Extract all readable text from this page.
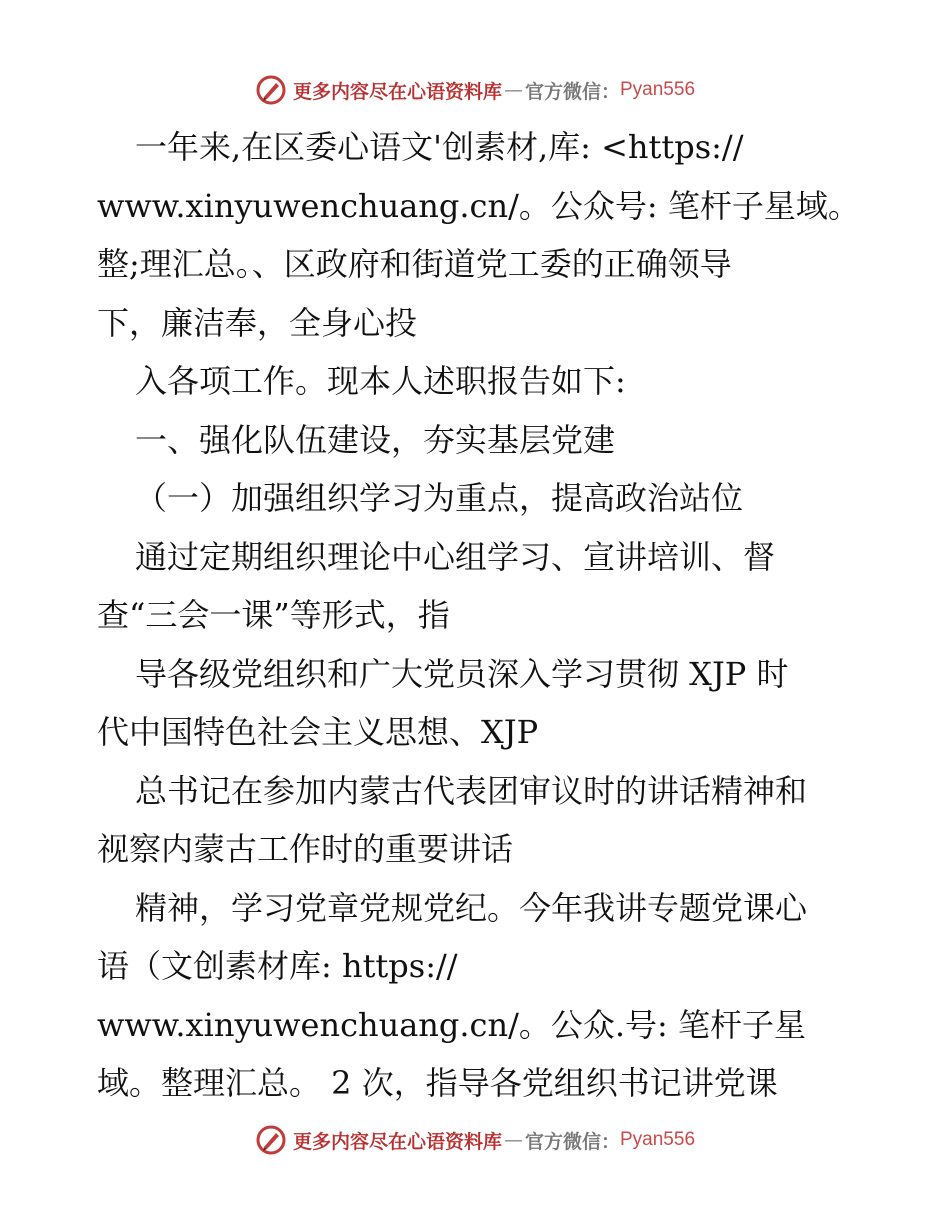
更多内容尽在心语资料库 — 官方微信： Pyan556
一年来,在区委心语文'创素材,库: <https://
www.xinyuwenchuang.cn/。公众号: 笔杆子星域。
整;理汇总。、区政府和街道党工委的正确领导
下，廉洁奉，全身心投
入各项工作。现本人述职报告如下:
一、强化队伍建设，夯实基层党建
（一）加强组织学习为重点，提高政治站位
通过定期组织理论中心组学习、宣讲培训、督
查“三会一课”等形式，指
导各级党组织和广大党员深入学习贯彻 XJP 时
代中国特色社会主义思想、XJP
总书记在参加内蒙古代表团审议时的讲话精神和
视察内蒙古工作时的重要讲话
精神，学习党章党规党纪。今年我讲专题党课心
语（文创素材库: https://
www.xinyuwenchuang.cn/。公众.号: 笔杆子星
域。整理汇总。 2 次，指导各党组织书记讲党课
更多内容尽在心语资料库 — 官方微信： Pyan556
